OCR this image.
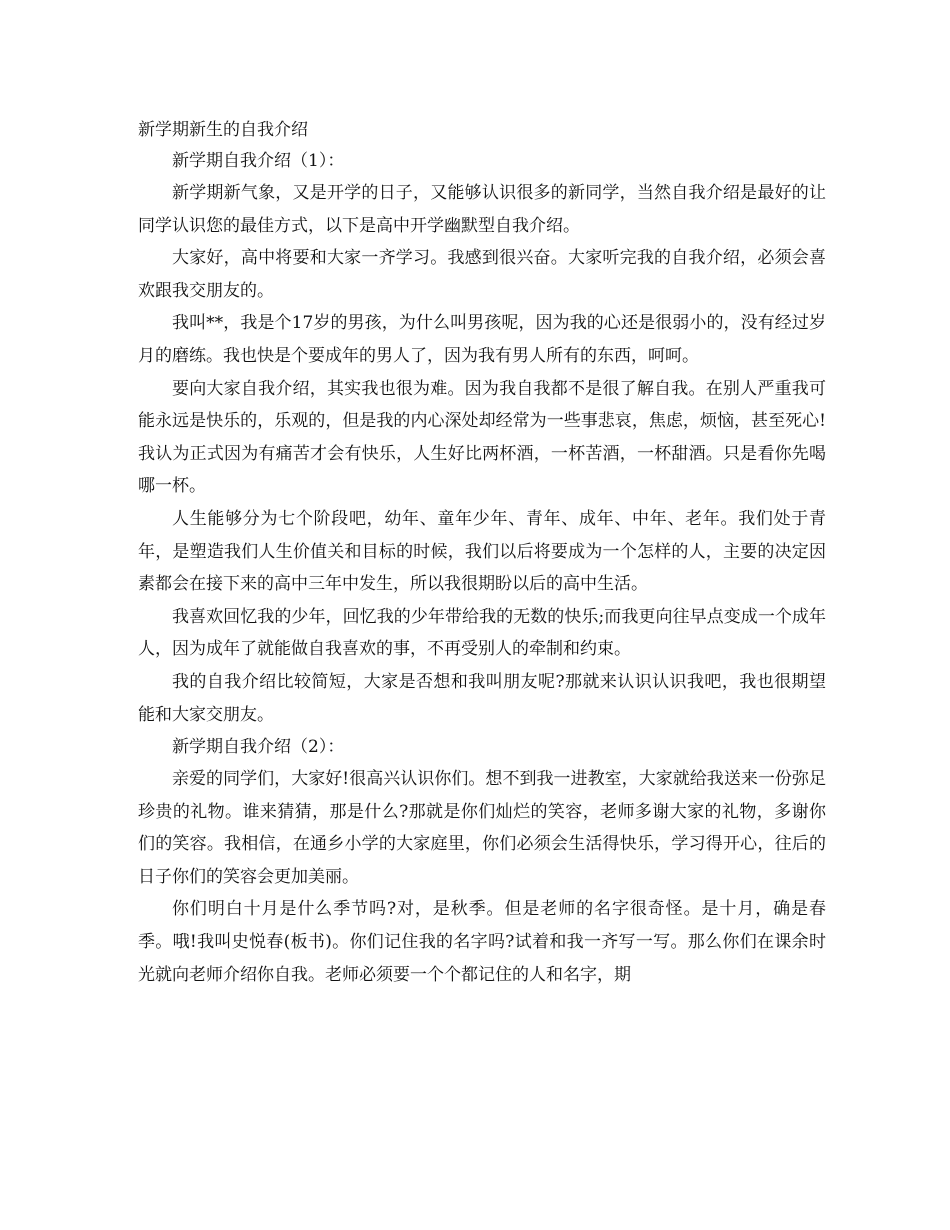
新学期新生的自我介绍

新学期自我介绍（1）：

新学期新气象，又是开学的日子，又能够认识很多的新同学，当然自我介绍是最好的让同学认识您的最佳方式，以下是高中开学幽默型自我介绍。

大家好，高中将要和大家一齐学习。我感到很兴奋。大家听完我的自我介绍，必须会喜欢跟我交朋友的。

我叫**，我是个17岁的男孩，为什么叫男孩呢，因为我的心还是很弱小的，没有经过岁月的磨练。我也快是个要成年的男人了，因为我有男人所有的东西，呵呵。

要向大家自我介绍，其实我也很为难。因为我自我都不是很了解自我。在别人严重我可能永远是快乐的，乐观的，但是我的内心深处却经常为一些事悲哀，焦虑，烦恼，甚至死心!我认为正式因为有痛苦才会有快乐，人生好比两杯酒，一杯苦酒，一杯甜酒。只是看你先喝哪一杯。

人生能够分为七个阶段吧，幼年、童年少年、青年、成年、中年、老年。我们处于青年，是塑造我们人生价值关和目标的时候，我们以后将要成为一个怎样的人，主要的决定因素都会在接下来的高中三年中发生，所以我很期盼以后的高中生活。

我喜欢回忆我的少年，回忆我的少年带给我的无数的快乐;而我更向往早点变成一个成年人，因为成年了就能做自我喜欢的事，不再受别人的牵制和约束。

我的自我介绍比较简短，大家是否想和我叫朋友呢?那就来认识认识我吧，我也很期望能和大家交朋友。

新学期自我介绍（2）：

亲爱的同学们，大家好!很高兴认识你们。想不到我一进教室，大家就给我送来一份弥足珍贵的礼物。谁来猜猜，那是什么?那就是你们灿烂的笑容，老师多谢大家的礼物，多谢你们的笑容。我相信，在通乡小学的大家庭里，你们必须会生活得快乐，学习得开心，往后的日子你们的笑容会更加美丽。

你们明白十月是什么季节吗?对，是秋季。但是老师的名字很奇怪。是十月，确是春季。哦!我叫史悦春(板书)。你们记住我的名字吗?试着和我一齐写一写。那么你们在课余时光就向老师介绍你自我。老师必须要一个个都记住的人和名字，期
